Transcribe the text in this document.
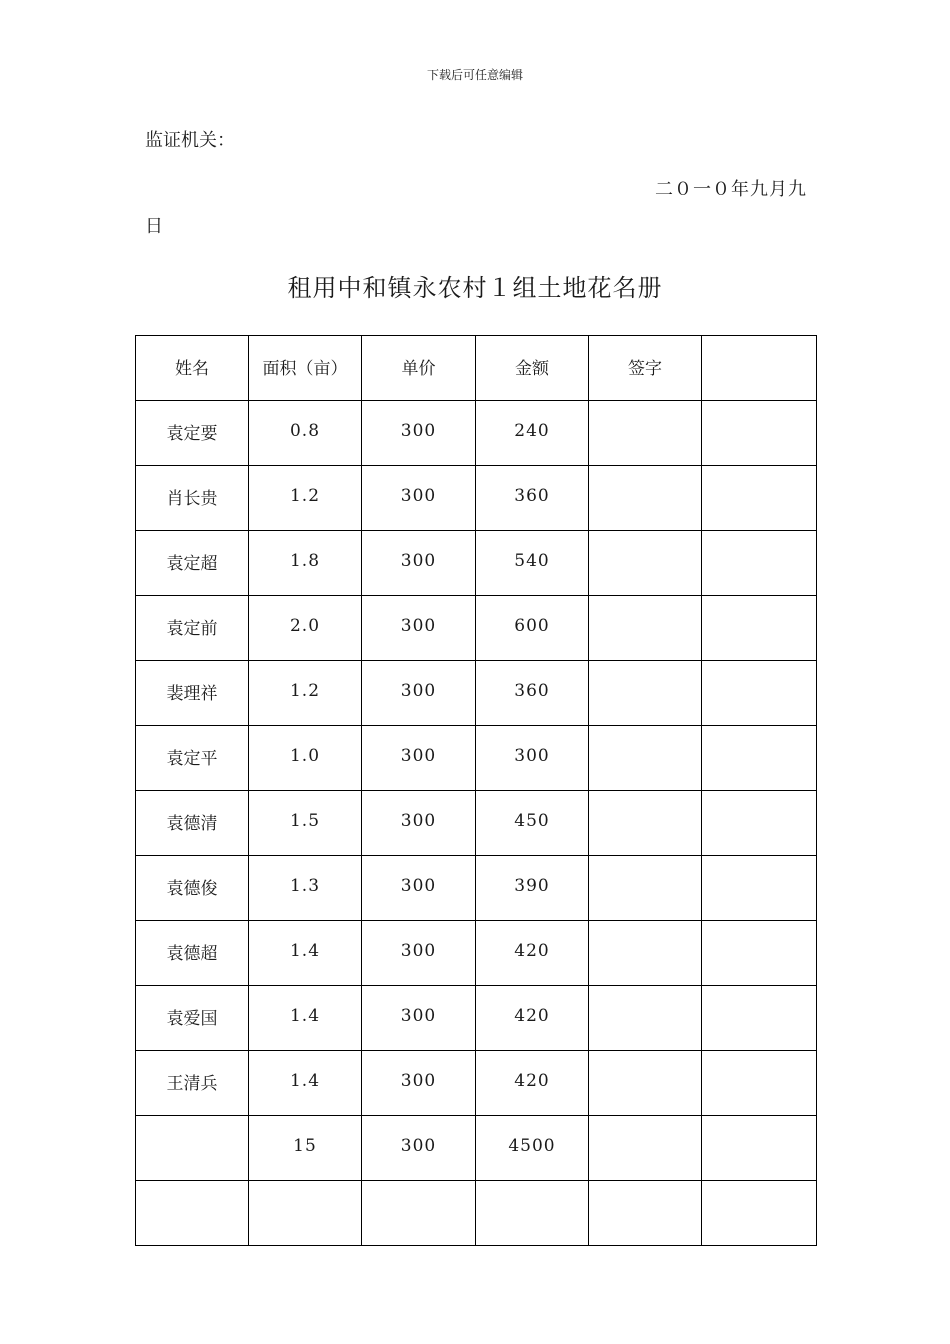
下载后可任意编辑
监证机关：
二０一０年九月九
日
租用中和镇永农村１组土地花名册
姓名	面积（亩）	单价	金额	签字	
袁定要	0.8	300	240		
肖长贵	1.2	300	360		
袁定超	1.8	300	540		
袁定前	2.0	300	600		
裴理祥	1.2	300	360		
袁定平	1.0	300	300		
袁德清	1.5	300	450		
袁德俊	1.3	300	390		
袁德超	1.4	300	420		
袁爱国	1.4	300	420		
王清兵	1.4	300	420		
	15	300	4500		
